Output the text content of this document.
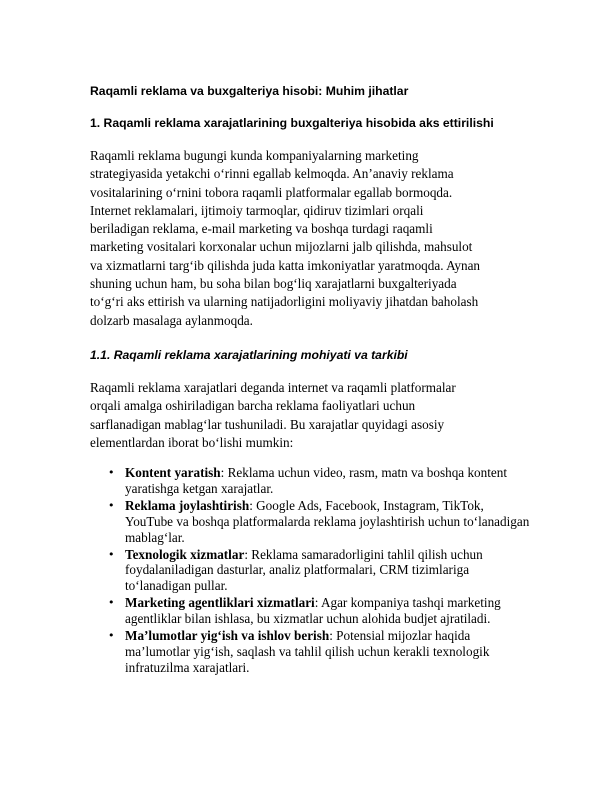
Raqamli reklama va buxgalteriya hisobi: Muhim jihatlar
1. Raqamli reklama xarajatlarining buxgalteriya hisobida aks ettirilishi

Raqamli reklama bugungi kunda kompaniyalarning marketing
strategiyasida yetakchi o‘rinni egallab kelmoqda. An’anaviy reklama
vositalarining o‘rnini tobora raqamli platformalar egallab bormoqda.
Internet reklamalari, ijtimoiy tarmoqlar, qidiruv tizimlari orqali
beriladigan reklama, e-mail marketing va boshqa turdagi raqamli
marketing vositalari korxonalar uchun mijozlarni jalb qilishda, mahsulot
va xizmatlarni targ‘ib qilishda juda katta imkoniyatlar yaratmoqda. Aynan
shuning uchun ham, bu soha bilan bog‘liq xarajatlarni buxgalteriyada
to‘g‘ri aks ettirish va ularning natijadorligini moliyaviy jihatdan baholash
dolzarb masalaga aylanmoqda.

1.1. Raqamli reklama xarajatlarining mohiyati va tarkibi

Raqamli reklama xarajatlari deganda internet va raqamli platformalar
orqali amalga oshiriladigan barcha reklama faoliyatlari uchun
sarflanadigan mablag‘lar tushuniladi. Bu xarajatlar quyidagi asosiy
elementlardan iborat bo‘lishi mumkin:

• Kontent yaratish: Reklama uchun video, rasm, matn va boshqa kontent yaratishga ketgan xarajatlar.
• Reklama joylashtirish: Google Ads, Facebook, Instagram, TikTok, YouTube va boshqa platformalarda reklama joylashtirish uchun to‘lanadigan mablag‘lar.
• Texnologik xizmatlar: Reklama samaradorligini tahlil qilish uchun foydalaniladigan dasturlar, analiz platformalari, CRM tizimlariga to‘lanadigan pullar.
• Marketing agentliklari xizmatlari: Agar kompaniya tashqi marketing agentliklar bilan ishlasa, bu xizmatlar uchun alohida budjet ajratiladi.
• Ma’lumotlar yig‘ish va ishlov berish: Potensial mijozlar haqida ma’lumotlar yig‘ish, saqlash va tahlil qilish uchun kerakli texnologik infratuzilma xarajatlari.
